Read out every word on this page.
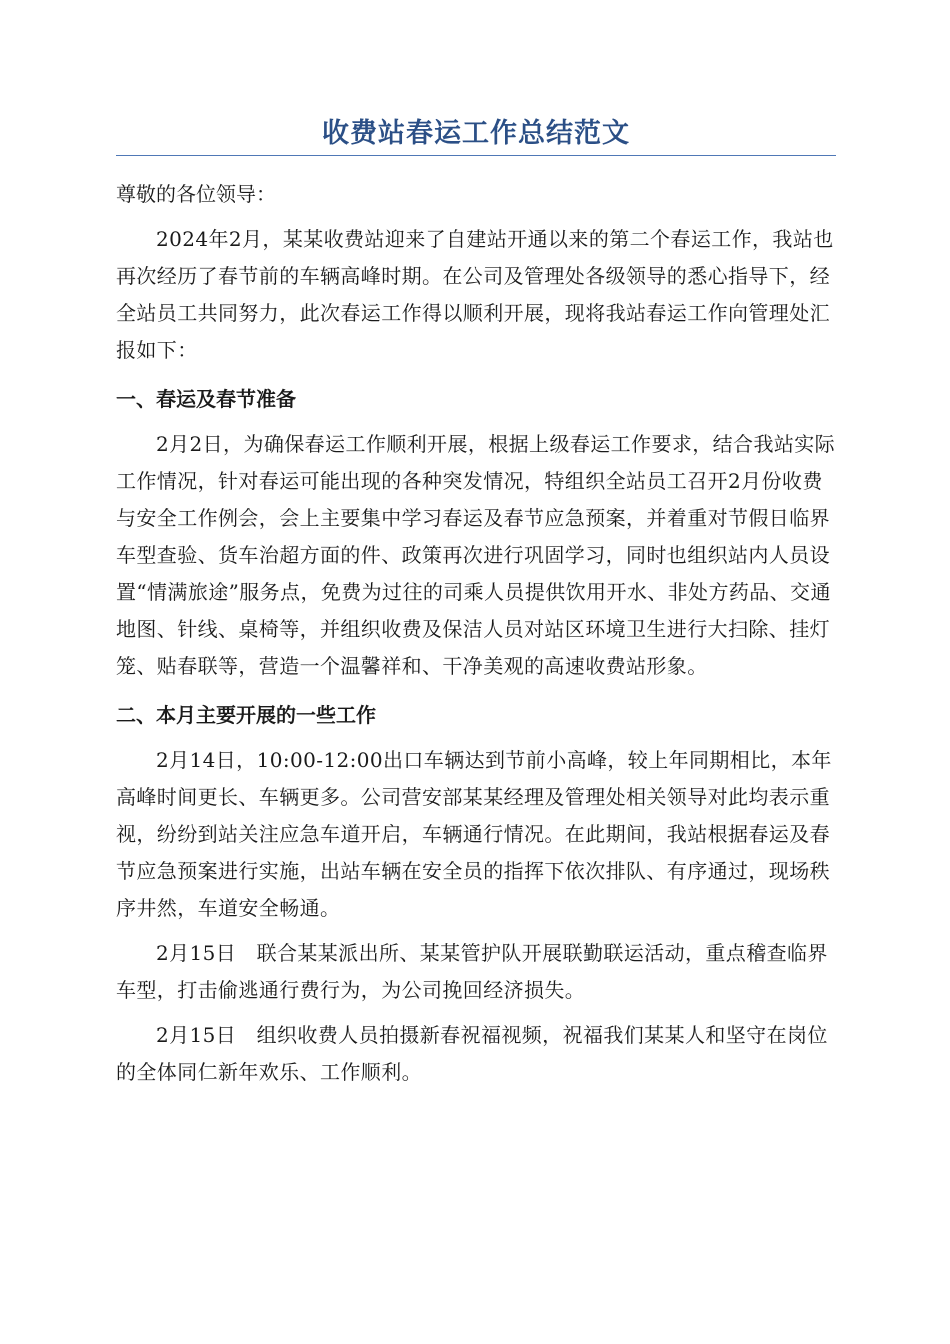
收费站春运工作总结范文

尊敬的各位领导：

2024年2月，某某收费站迎来了自建站开通以来的第二个春运工作，我站也再次经历了春节前的车辆高峰时期。在公司及管理处各级领导的悉心指导下，经全站员工共同努力，此次春运工作得以顺利开展，现将我站春运工作向管理处汇报如下：

一、春运及春节准备

2月2日，为确保春运工作顺利开展，根据上级春运工作要求，结合我站实际工作情况，针对春运可能出现的各种突发情况，特组织全站员工召开2月份收费与安全工作例会，会上主要集中学习春运及春节应急预案，并着重对节假日临界车型查验、货车治超方面的件、政策再次进行巩固学习，同时也组织站内人员设置“情满旅途”服务点，免费为过往的司乘人员提供饮用开水、非处方药品、交通地图、针线、桌椅等，并组织收费及保洁人员对站区环境卫生进行大扫除、挂灯笼、贴春联等，营造一个温馨祥和、干净美观的高速收费站形象。

二、本月主要开展的一些工作

2月14日，10:00-12:00出口车辆达到节前小高峰，较上年同期相比，本年高峰时间更长、车辆更多。公司营安部某某经理及管理处相关领导对此均表示重视，纷纷到站关注应急车道开启，车辆通行情况。在此期间，我站根据春运及春节应急预案进行实施，出站车辆在安全员的指挥下依次排队、有序通过，现场秩序井然，车道安全畅通。

2月15日　联合某某派出所、某某管护队开展联勤联运活动，重点稽查临界车型，打击偷逃通行费行为，为公司挽回经济损失。

2月15日　组织收费人员拍摄新春祝福视频，祝福我们某某人和坚守在岗位的全体同仁新年欢乐、工作顺利。
